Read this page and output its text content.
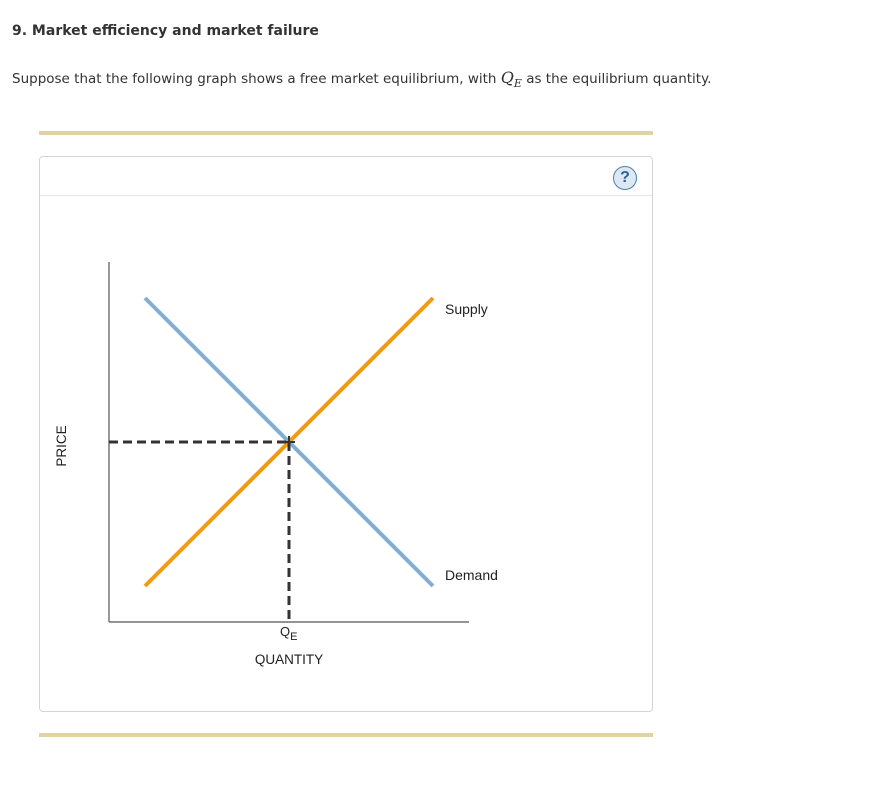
9. Market efficiency and market failure

Suppose that the following graph shows a free market equilibrium, with $Q_E$ as the equilibrium quantity.

?
Supply
Demand
$Q_E$
QUANTITY
PRICE
